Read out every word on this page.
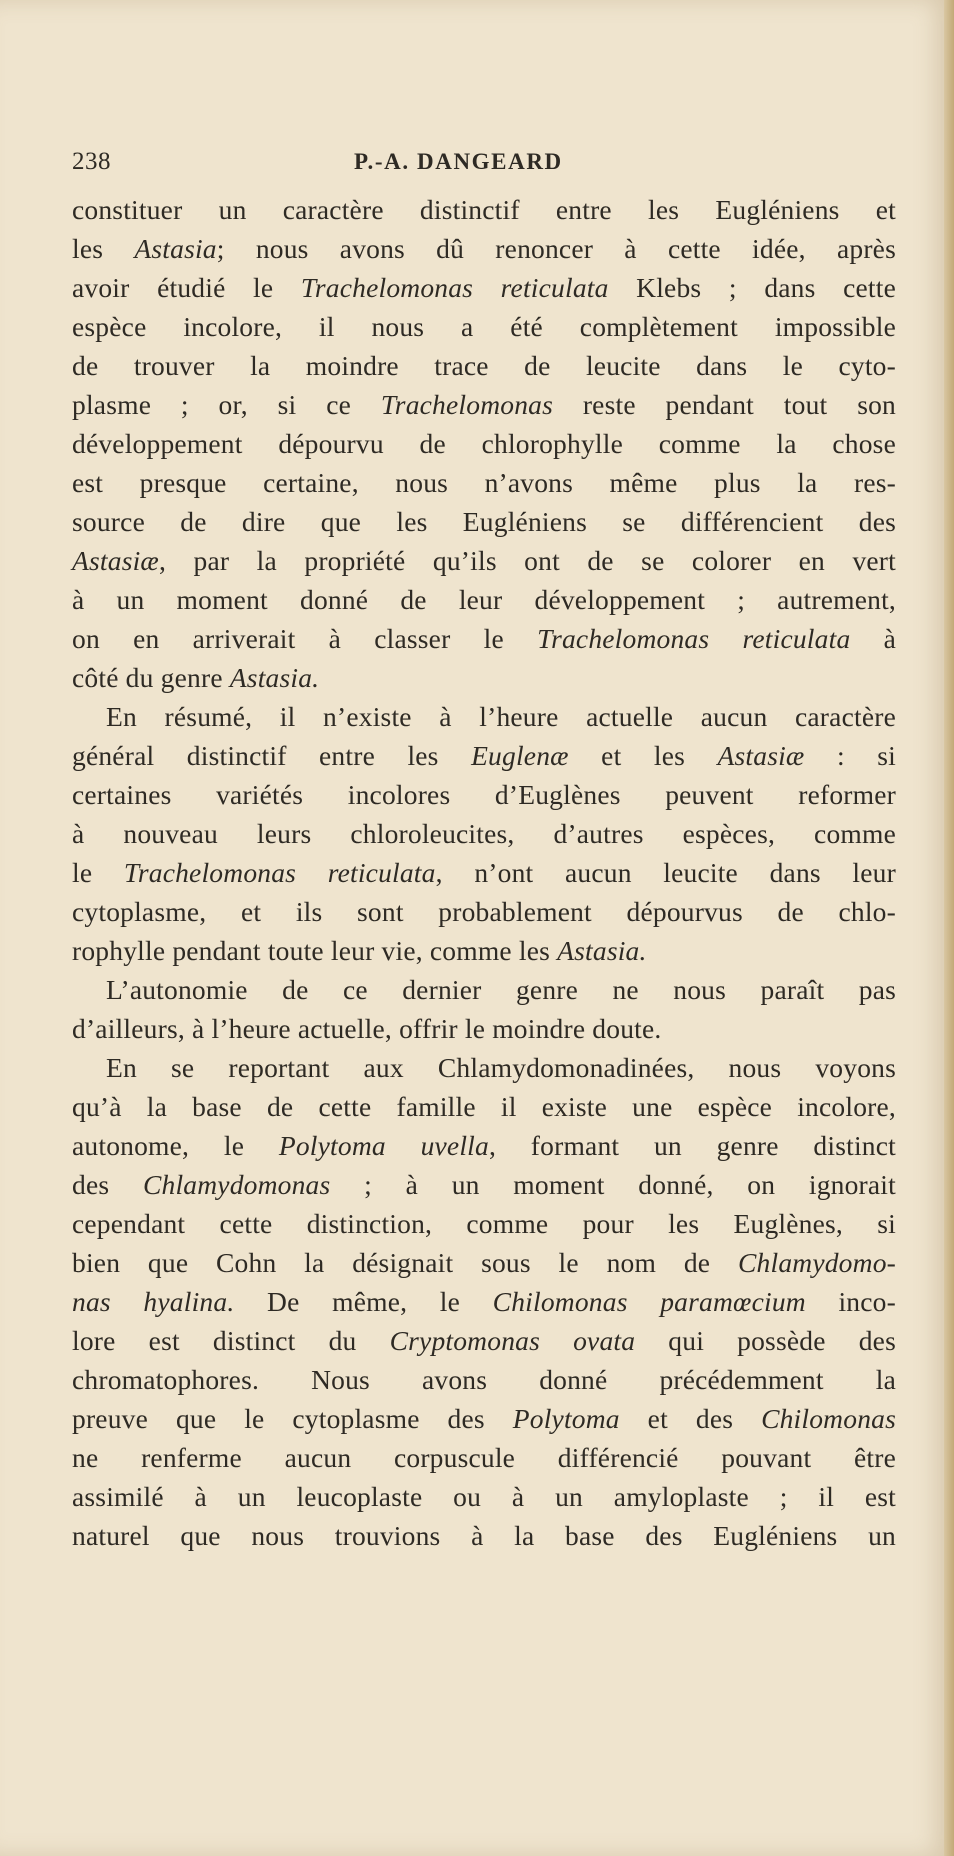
238	P.-A. DANGEARD
constituer un caractère distinctif entre les Eugléniens et
les Astasia; nous avons dû renoncer à cette idée, après
avoir étudié le Trachelomonas reticulata Klebs ; dans cette
espèce incolore, il nous a été complètement impossible
de trouver la moindre trace de leucite dans le cyto-
plasme ; or, si ce Trachelomonas reste pendant tout son
développement dépourvu de chlorophylle comme la chose
est presque certaine, nous n’avons même plus la res-
source de dire que les Eugléniens se différencient des
Astasiæ, par la propriété qu’ils ont de se colorer en vert
à un moment donné de leur développement ; autrement,
on en arriverait à classer le Trachelomonas reticulata à
côté du genre Astasia.
En résumé, il n’existe à l’heure actuelle aucun caractère
général distinctif entre les Euglenæ et les Astasiæ : si
certaines variétés incolores d’Euglènes peuvent reformer
à nouveau leurs chloroleucites, d’autres espèces, comme
le Trachelomonas reticulata, n’ont aucun leucite dans leur
cytoplasme, et ils sont probablement dépourvus de chlo-
rophylle pendant toute leur vie, comme les Astasia.
L’autonomie de ce dernier genre ne nous paraît pas
d’ailleurs, à l’heure actuelle, offrir le moindre doute.
En se reportant aux Chlamydomonadinées, nous voyons
qu’à la base de cette famille il existe une espèce incolore,
autonome, le Polytoma uvella, formant un genre distinct
des Chlamydomonas ; à un moment donné, on ignorait
cependant cette distinction, comme pour les Euglènes, si
bien que Cohn la désignait sous le nom de Chlamydomo-
nas hyalina. De même, le Chilomonas paramœcium inco-
lore est distinct du Cryptomonas ovata qui possède des
chromatophores. Nous avons donné précédemment la
preuve que le cytoplasme des Polytoma et des Chilomonas
ne renferme aucun corpuscule différencié pouvant être
assimilé à un leucoplaste ou à un amyloplaste ; il est
naturel que nous trouvions à la base des Eugléniens un
